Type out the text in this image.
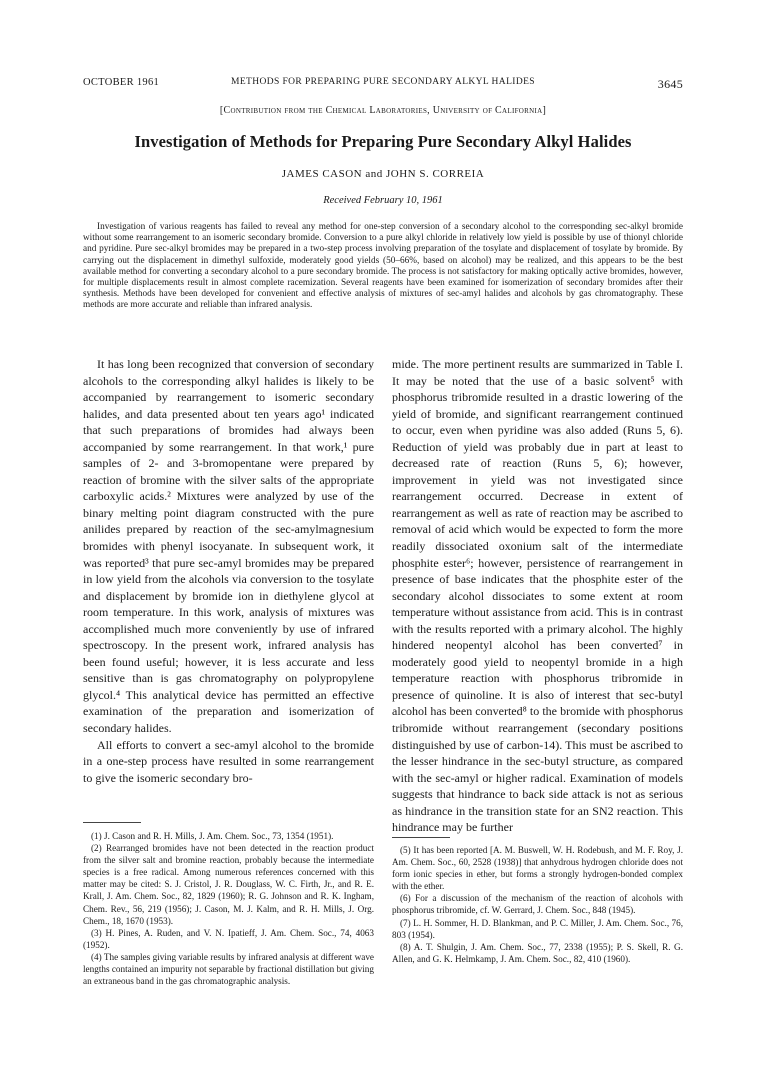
OCTOBER 1961	METHODS FOR PREPARING PURE SECONDARY ALKYL HALIDES	3645
[Contribution from the Chemical Laboratories, University of California]
Investigation of Methods for Preparing Pure Secondary Alkyl Halides
JAMES CASON and JOHN S. CORREIA
Received February 10, 1961

Investigation of various reagents has failed to reveal any method for one-step conversion of a secondary alcohol to the corresponding sec-alkyl bromide without some rearrangement to an isomeric secondary bromide. Conversion to a pure alkyl chloride in relatively low yield is possible by use of thionyl chloride and pyridine. Pure sec-alkyl bromides may be prepared in a two-step process involving preparation of the tosylate and displacement of tosylate by bromide. By carrying out the displacement in dimethyl sulfoxide, moderately good yields (50–66%, based on alcohol) may be realized, and this appears to be the best available method for converting a secondary alcohol to a pure secondary bromide. The process is not satisfactory for making optically active bromides, however, for multiple displacements result in almost complete racemization. Several reagents have been examined for isomerization of secondary bromides after their synthesis. Methods have been developed for convenient and effective analysis of mixtures of sec-amyl halides and alcohols by gas chromatography. These methods are more accurate and reliable than infrared analysis.

It has long been recognized that conversion of secondary alcohols to the corresponding alkyl halides is likely to be accompanied by rearrangement to isomeric secondary halides, and data presented about ten years ago¹ indicated that such preparations of bromides had always been accompanied by some rearrangement. In that work,¹ pure samples of 2- and 3-bromopentane were prepared by reaction of bromine with the silver salts of the appropriate carboxylic acids.² Mixtures were analyzed by use of the binary melting point diagram constructed with the pure anilides prepared by reaction of the sec-amylmagnesium bromides with phenyl isocyanate. In subsequent work, it was reported³ that pure sec-amyl bromides may be prepared in low yield from the alcohols via conversion to the tosylate and displacement by bromide ion in diethylene glycol at room temperature. In this work, analysis of mixtures was accomplished much more conveniently by use of infrared spectroscopy. In the present work, infrared analysis has been found useful; however, it is less accurate and less sensitive than is gas chromatography on polypropylene glycol.⁴ This analytical device has permitted an effective examination of the preparation and isomerization of secondary halides.

All efforts to convert a sec-amyl alcohol to the bromide in a one-step process have resulted in some rearrangement to give the isomeric secondary bro-

mide. The more pertinent results are summarized in Table I. It may be noted that the use of a basic solvent⁵ with phosphorus tribromide resulted in a drastic lowering of the yield of bromide, and significant rearrangement continued to occur, even when pyridine was also added (Runs 5, 6). Reduction of yield was probably due in part at least to decreased rate of reaction (Runs 5, 6); however, improvement in yield was not investigated since rearrangement occurred. Decrease in extent of rearrangement as well as rate of reaction may be ascribed to removal of acid which would be expected to form the more readily dissociated oxonium salt of the intermediate phosphite ester⁶; however, persistence of rearrangement in presence of base indicates that the phosphite ester of the secondary alcohol dissociates to some extent at room temperature without assistance from acid. This is in contrast with the results reported with a primary alcohol. The highly hindered neopentyl alcohol has been converted⁷ in moderately good yield to neopentyl bromide in a high temperature reaction with phosphorus tribromide in presence of quinoline. It is also of interest that sec-butyl alcohol has been converted⁸ to the bromide with phosphorus tribromide without rearrangement (secondary positions distinguished by use of carbon-14). This must be ascribed to the lesser hindrance in the sec-butyl structure, as compared with the sec-amyl or higher radical. Examination of models suggests that hindrance to back side attack is not as serious as hindrance in the transition state for an SN2 reaction. This hindrance may be further

(1) J. Cason and R. H. Mills, J. Am. Chem. Soc., 73, 1354 (1951).

(2) Rearranged bromides have not been detected in the reaction product from the silver salt and bromine reaction, probably because the intermediate species is a free radical. Among numerous references concerned with this matter may be cited: S. J. Cristol, J. R. Douglass, W. C. Firth, Jr., and R. E. Krall, J. Am. Chem. Soc., 82, 1829 (1960); R. G. Johnson and R. K. Ingham, Chem. Rev., 56, 219 (1956); J. Cason, M. J. Kalm, and R. H. Mills, J. Org. Chem., 18, 1670 (1953).

(3) H. Pines, A. Ruden, and V. N. Ipatieff, J. Am. Chem. Soc., 74, 4063 (1952).

(4) The samples giving variable results by infrared analysis at different wave lengths contained an impurity not separable by fractional distillation but giving an extraneous band in the gas chromatographic analysis.

(5) It has been reported [A. M. Buswell, W. H. Rodebush, and M. F. Roy, J. Am. Chem. Soc., 60, 2528 (1938)] that anhydrous hydrogen chloride does not form ionic species in ether, but forms a strongly hydrogen-bonded complex with the ether.

(6) For a discussion of the mechanism of the reaction of alcohols with phosphorus tribromide, cf. W. Gerrard, J. Chem. Soc., 848 (1945).

(7) L. H. Sommer, H. D. Blankman, and P. C. Miller, J. Am. Chem. Soc., 76, 803 (1954).

(8) A. T. Shulgin, J. Am. Chem. Soc., 77, 2338 (1955); P. S. Skell, R. G. Allen, and G. K. Helmkamp, J. Am. Chem. Soc., 82, 410 (1960).
